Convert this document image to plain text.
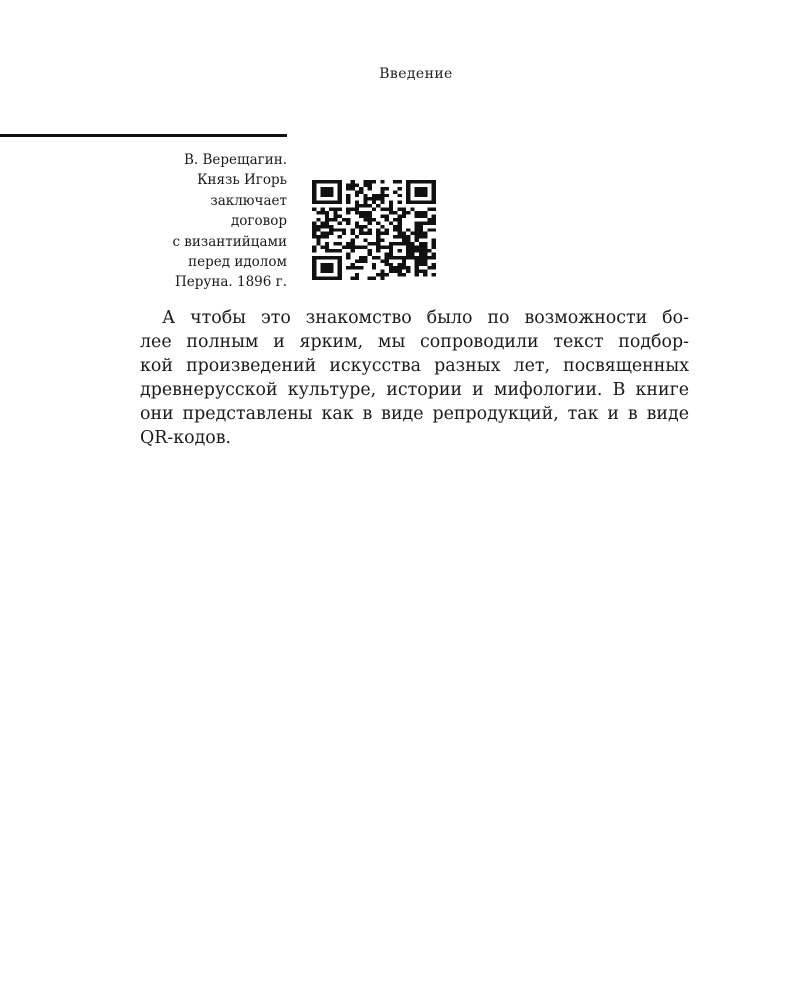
Введение
В. Верещагин.
Князь Игорь
заключает
договор
с византийцами
перед идолом
Перуна. 1896 г.
А чтобы это знакомство было по возможности бо-
лее полным и ярким, мы сопроводили текст подбор-
кой произведений искусства разных лет, посвященных
древнерусской культуре, истории и мифологии. В книге
они представлены как в виде репродукций, так и в виде
QR-кодов.
